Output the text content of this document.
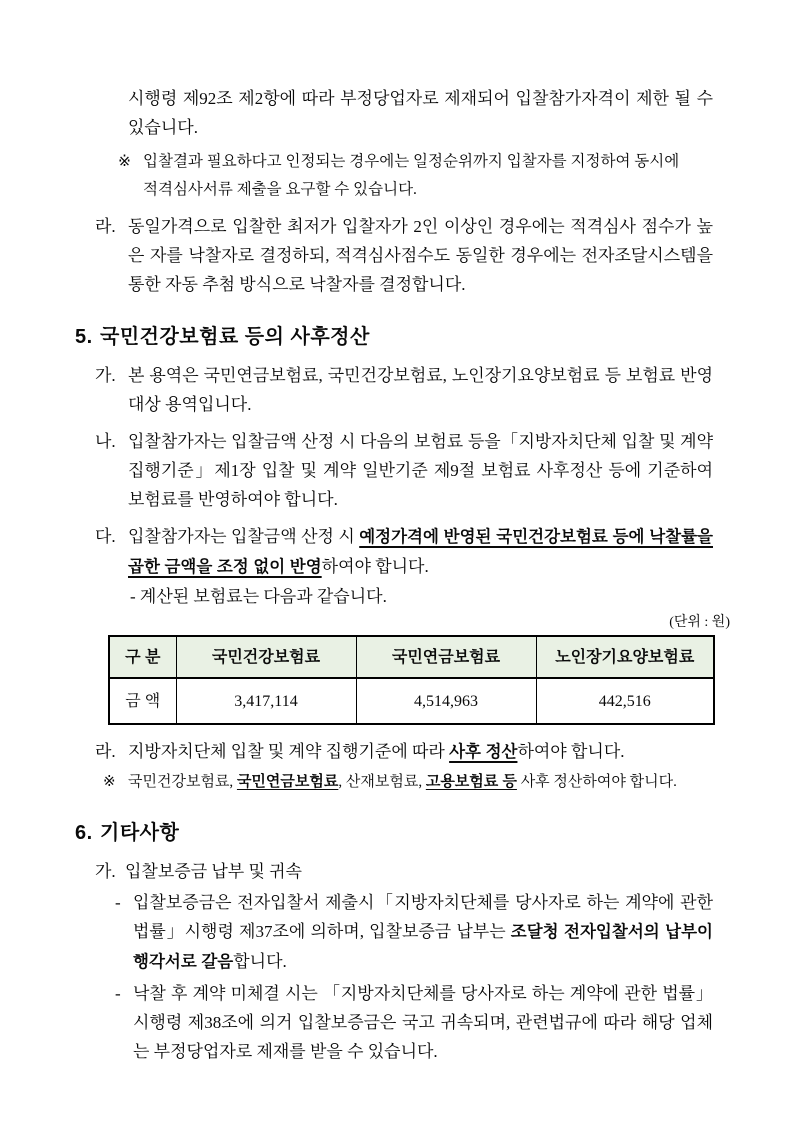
시행령 제92조 제2항에 따라 부정당업자로 제재되어 입찰참가자격이 제한 될 수 있습니다.

※ 입찰결과 필요하다고 인정되는 경우에는 일정순위까지 입찰자를 지정하여 동시에 적격심사서류 제출을 요구할 수 있습니다.

라. 동일가격으로 입찰한 최저가 입찰자가 2인 이상인 경우에는 적격심사 점수가 높은 자를 낙찰자로 결정하되, 적격심사점수도 동일한 경우에는 전자조달시스템을 통한 자동 추첨 방식으로 낙찰자를 결정합니다.

5. 국민건강보험료 등의 사후정산

가. 본 용역은 국민연금보험료, 국민건강보험료, 노인장기요양보험료 등 보험료 반영 대상 용역입니다.

나. 입찰참가자는 입찰금액 산정 시 다음의 보험료 등을「지방자치단체 입찰 및 계약 집행기준」제1장 입찰 및 계약 일반기준 제9절 보험료 사후정산 등에 기준하여 보험료를 반영하여야 합니다.

다. 입찰참가자는 입찰금액 산정 시 예정가격에 반영된 국민건강보험료 등에 낙찰률을 곱한 금액을 조정 없이 반영하여야 합니다.

- 계산된 보험료는 다음과 같습니다.

(단위 : 원)

구 분	국민건강보험료	국민연금보험료	노인장기요양보험료
금 액	3,417,114	4,514,963	442,516

라. 지방자치단체 입찰 및 계약 집행기준에 따라 사후 정산하여야 합니다.

※ 국민건강보험료, 국민연금보험료, 산재보험료, 고용보험료 등 사후 정산하여야 합니다.

6. 기타사항

가. 입찰보증금 납부 및 귀속

- 입찰보증금은 전자입찰서 제출시「지방자치단체를 당사자로 하는 계약에 관한 법률」시행령 제37조에 의하며, 입찰보증금 납부는 조달청 전자입찰서의 납부이행각서로 갈음합니다.

- 낙찰 후 계약 미체결 시는 「지방자치단체를 당사자로 하는 계약에 관한 법률」시행령 제38조에 의거 입찰보증금은 국고 귀속되며, 관련법규에 따라 해당 업체는 부정당업자로 제재를 받을 수 있습니다.
